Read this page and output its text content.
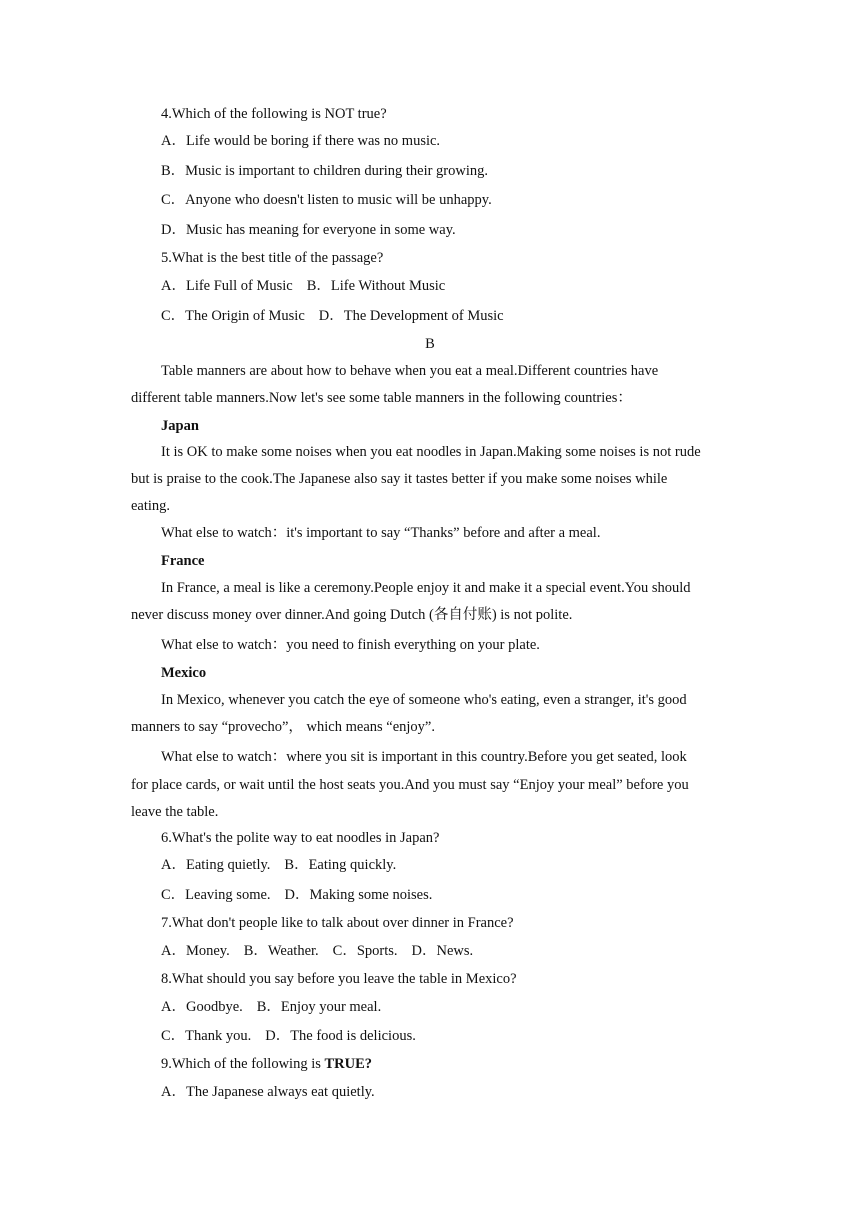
4.Which of the following is NOT true?
A．Life would be boring if there was no music.
B．Music is important to children during their growing.
C．Anyone who doesn't listen to music will be unhappy.
D．Music has meaning for everyone in some way.
5.What is the best title of the passage?
A．Life Full of Music B．Life Without Music
C．The Origin of Music D．The Development of Music
B
Table manners are about how to behave when you eat a meal.Different countries have
different table manners.Now let's see some table manners in the following countries：
Japan
It is OK to make some noises when you eat noodles in Japan.Making some noises is not rude
but is praise to the cook.The Japanese also say it tastes better if you make some noises while
eating.
What else to watch：it's important to say “Thanks” before and after a meal.
France
In France, a meal is like a ceremony.People enjoy it and make it a special event.You should
never discuss money over dinner.And going Dutch (各自付账) is not polite.
What else to watch：you need to finish everything on your plate.
Mexico
In Mexico, whenever you catch the eye of someone who's eating, even a stranger, it's good
manners to say “provecho”， which means “enjoy”.
What else to watch：where you sit is important in this country.Before you get seated, look
for place cards, or wait until the host seats you.And you must say “Enjoy your meal” before you
leave the table.
6.What's the polite way to eat noodles in Japan?
A．Eating quietly. B．Eating quickly.
C．Leaving some. D．Making some noises.
7.What don't people like to talk about over dinner in France?
A．Money. B．Weather. C．Sports. D．News.
8.What should you say before you leave the table in Mexico?
A．Goodbye. B．Enjoy your meal.
C．Thank you. D．The food is delicious.
9.Which of the following is TRUE?
A．The Japanese always eat quietly.
